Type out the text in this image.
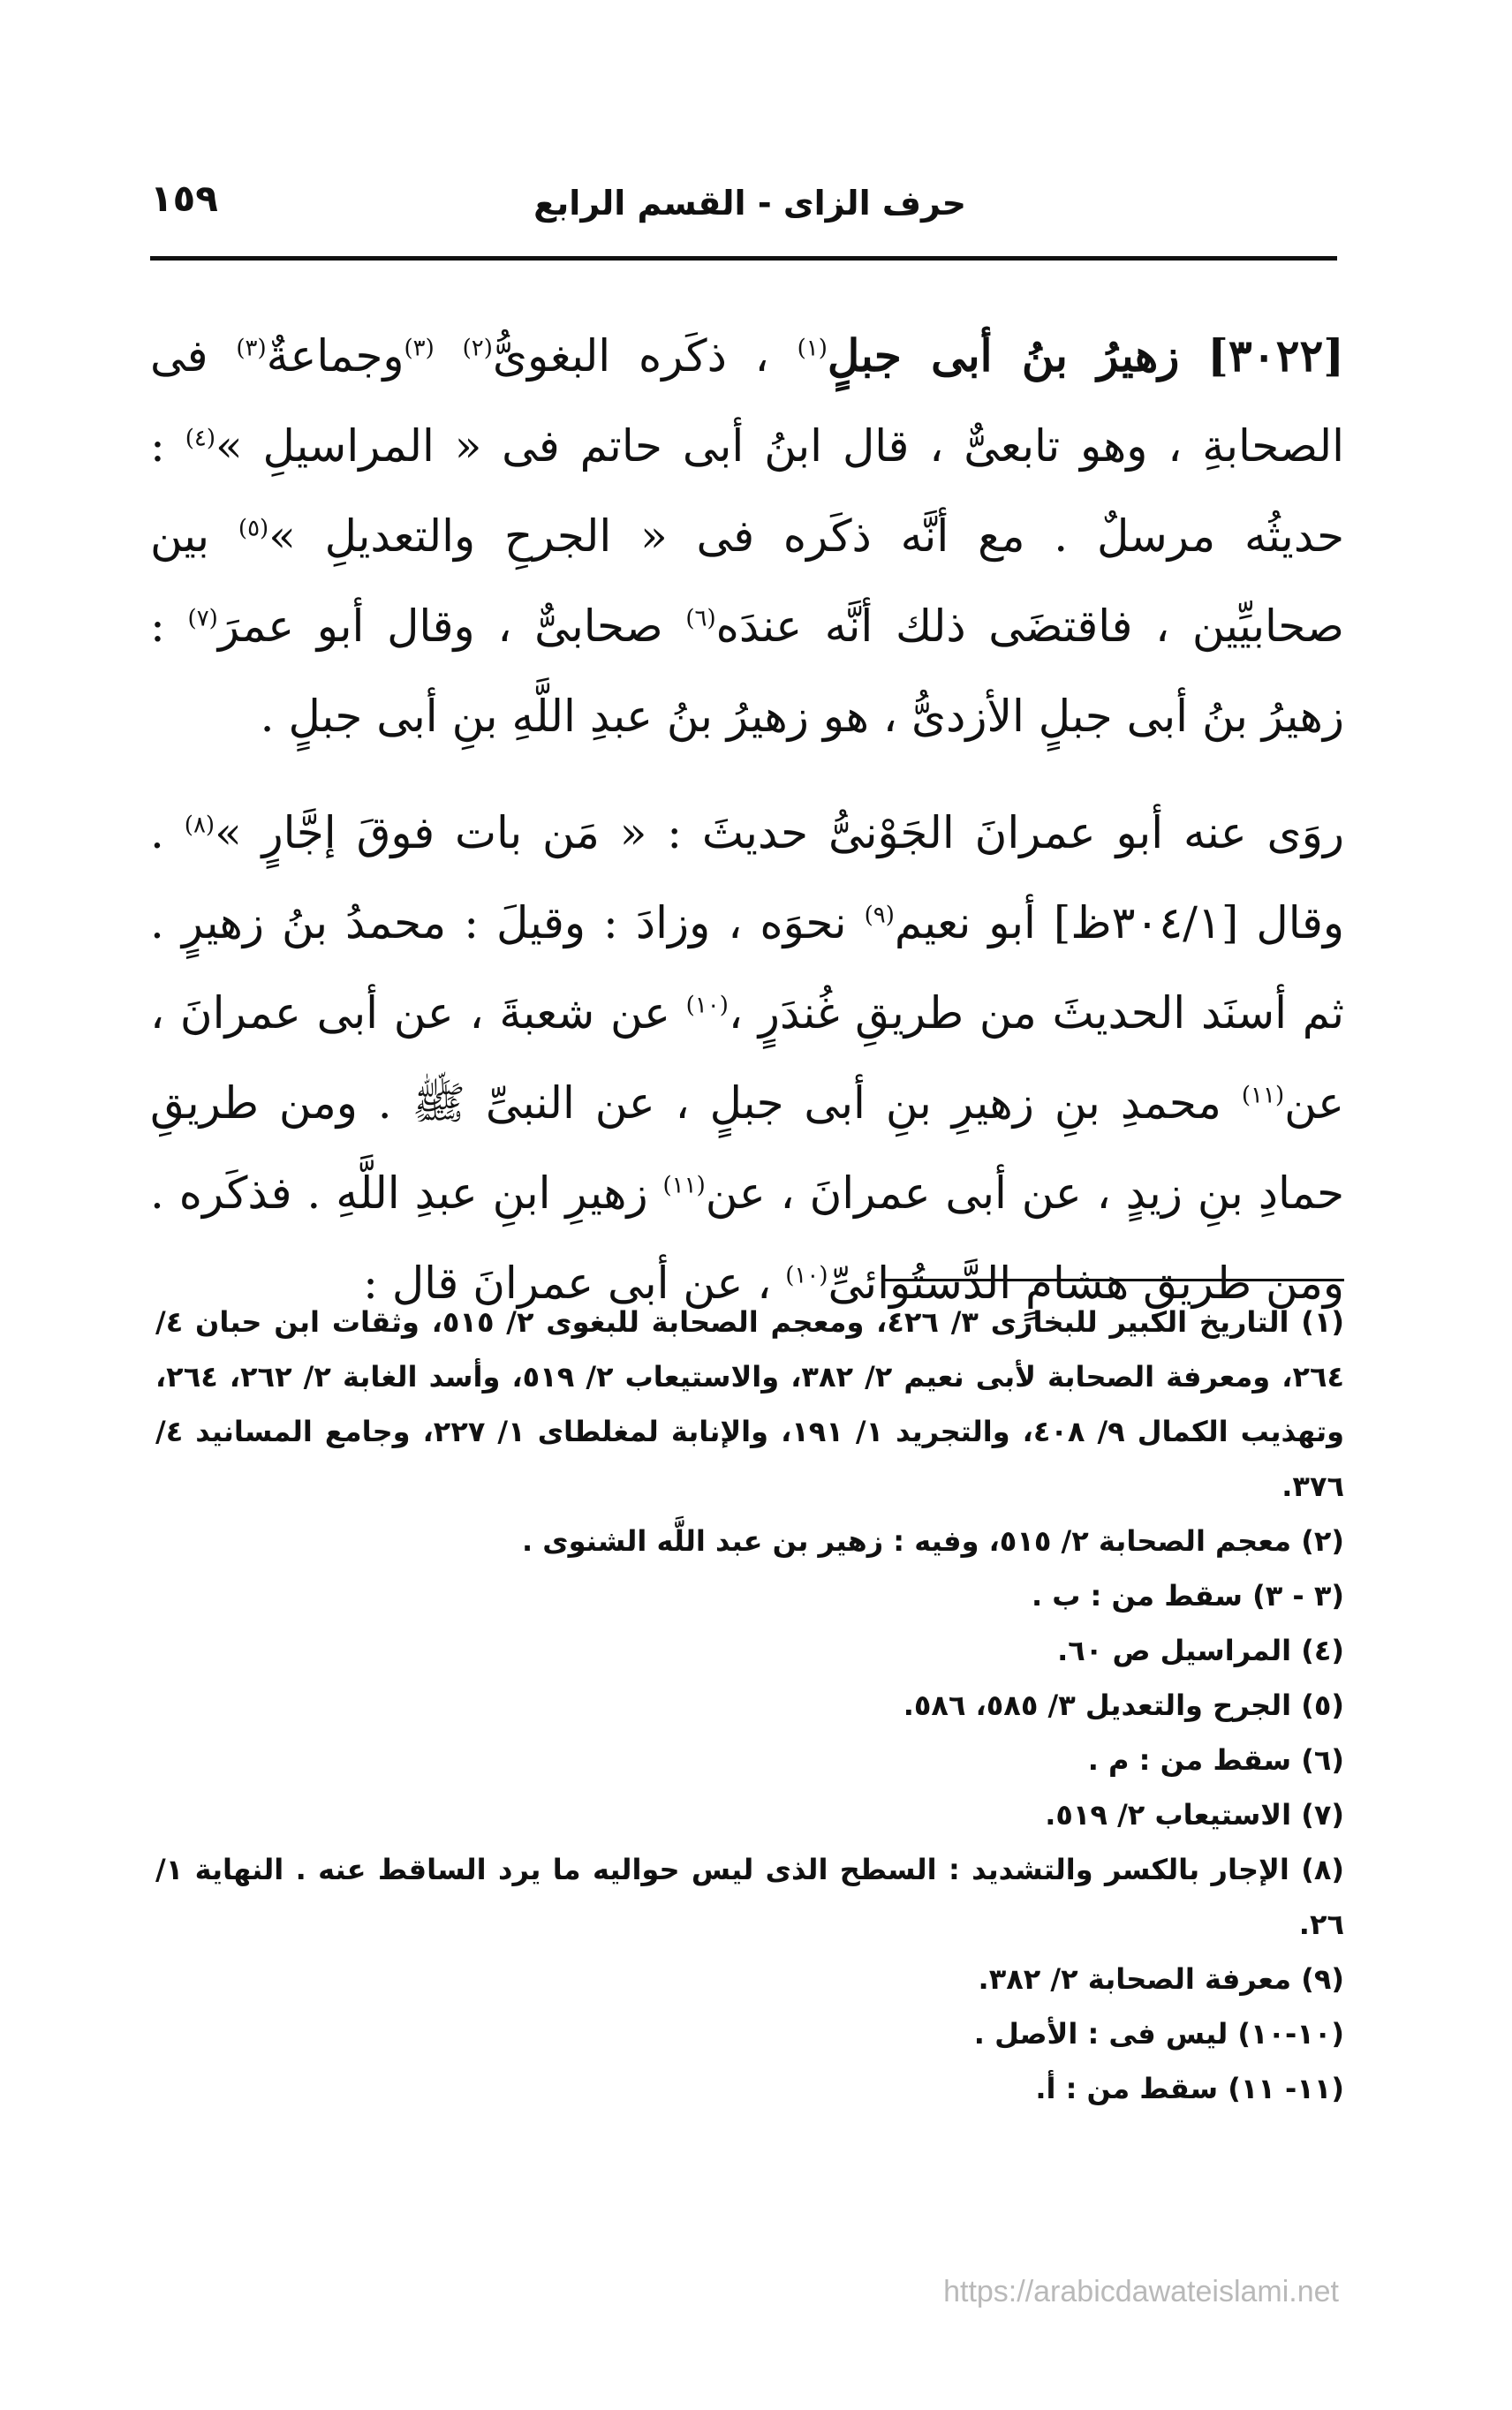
حرف الزاى - القسم الرابع
١٥٩

[٣٠٢٢] زهيرُ بنُ أبى جبلٍ$^{(١)}$ ، ذكَره البغوىُّ$^{(٢)}$ $^{(٣)}$وجماعةٌ$^{(٣)}$ فى الصحابةِ ، وهو تابعىٌّ ، قال ابنُ أبى حاتم فى « المراسيلِ »$^{(٤)}$ : حديثُه مرسلٌ . مع أنَّه ذكَره فى « الجرحِ والتعديلِ »$^{(٥)}$ بين صحابيِّين ، فاقتضَى ذلك أنَّه عندَه$^{(٦)}$ صحابىٌّ ، وقال أبو عمرَ$^{(٧)}$ : زهيرُ بنُ أبى جبلٍ الأزدىُّ ، هو زهيرُ بنُ عبدِ اللَّهِ بنِ أبى جبلٍ .

روَى عنه أبو عمرانَ الجَوْنىُّ حديثَ : « مَن بات فوقَ إجَّارٍ »$^{(٨)}$ . وقال [٣٠٤/١ظ] أبو نعيم$^{(٩)}$ نحوَه ، وزادَ : وقيلَ : محمدُ بنُ زهيرٍ . ثم أسنَد الحديثَ من طريقِ غُندَرٍ ،$^{(١٠)}$ عن شعبةَ ، عن أبى عمرانَ ، عن$^{(١١)}$ محمدِ بنِ زهيرِ بنِ أبى جبلٍ ، عن النبىِّ ﷺ . ومن طريقِ حمادِ بنِ زيدٍ ، عن أبى عمرانَ ، عن$^{(١١)}$ زهيرِ ابنِ عبدِ اللَّهِ . فذكَره . ومن طريقِ هشامٍ الدَّستُوائىِّ$^{(١٠)}$ ، عن أبى عمرانَ قال :

(١) التاريخ الكبير للبخارى ٣/ ٤٢٦، ومعجم الصحابة للبغوى ٢/ ٥١٥، وثقات ابن حبان ٤/ ٢٦٤، ومعرفة الصحابة لأبى نعيم ٢/ ٣٨٢، والاستيعاب ٢/ ٥١٩، وأسد الغابة ٢/ ٢٦٢، ٢٦٤، وتهذيب الكمال ٩/ ٤٠٨، والتجريد ١/ ١٩١، والإنابة لمغلطاى ١/ ٢٢٧، وجامع المسانيد ٤/ ٣٧٦.

(٢) معجم الصحابة ٢/ ٥١٥، وفيه : زهير بن عبد اللَّه الشنوى .

(٣ - ٣) سقط من : ب .

(٤) المراسيل ص ٦٠.

(٥) الجرح والتعديل ٣/ ٥٨٥، ٥٨٦.

(٦) سقط من : م .

(٧) الاستيعاب ٢/ ٥١٩.

(٨) الإجار بالكسر والتشديد : السطح الذى ليس حواليه ما يرد الساقط عنه . النهاية ١/ ٢٦.

(٩) معرفة الصحابة ٢/ ٣٨٢.

(١٠-١٠) ليس فى : الأصل .

(١١- ١١) سقط من : أ.

https://arabicdawateislami.net
